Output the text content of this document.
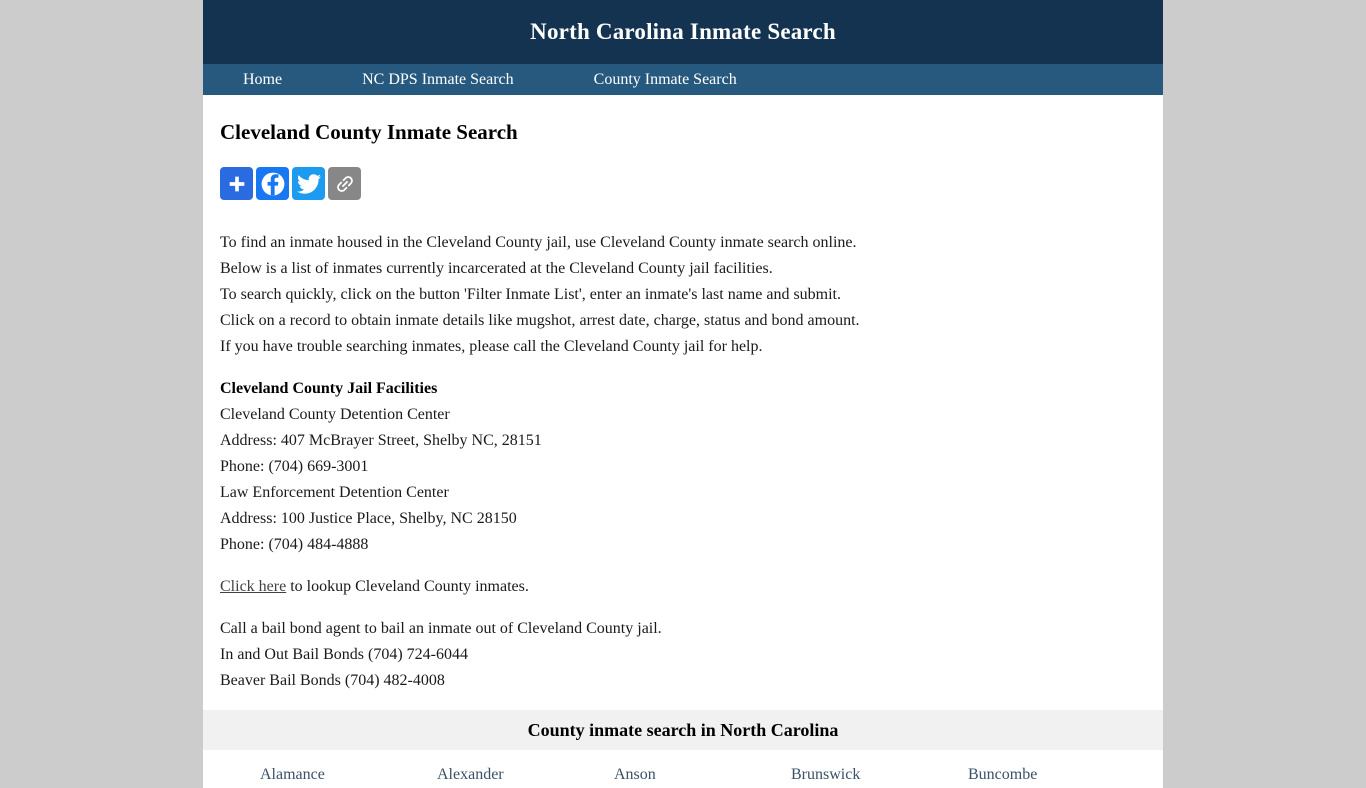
North Carolina Inmate Search
Home	NC DPS Inmate Search	County Inmate Search
Cleveland County Inmate Search

To find an inmate housed in the Cleveland County jail, use Cleveland County inmate search online.
Below is a list of inmates currently incarcerated at the Cleveland County jail facilities.
To search quickly, click on the button 'Filter Inmate List', enter an inmate's last name and submit.
Click on a record to obtain inmate details like mugshot, arrest date, charge, status and bond amount.
If you have trouble searching inmates, please call the Cleveland County jail for help.

Cleveland County Jail Facilities
Cleveland County Detention Center
Address: 407 McBrayer Street, Shelby NC, 28151
Phone: (704) 669-3001
Law Enforcement Detention Center
Address: 100 Justice Place, Shelby, NC 28150
Phone: (704) 484-4888

Click here to lookup Cleveland County inmates.

Call a bail bond agent to bail an inmate out of Cleveland County jail.
In and Out Bail Bonds (704) 724-6044
Beaver Bail Bonds (704) 482-4008

County inmate search in North Carolina
Alamance	Alexander	Anson	Brunswick	Buncombe
